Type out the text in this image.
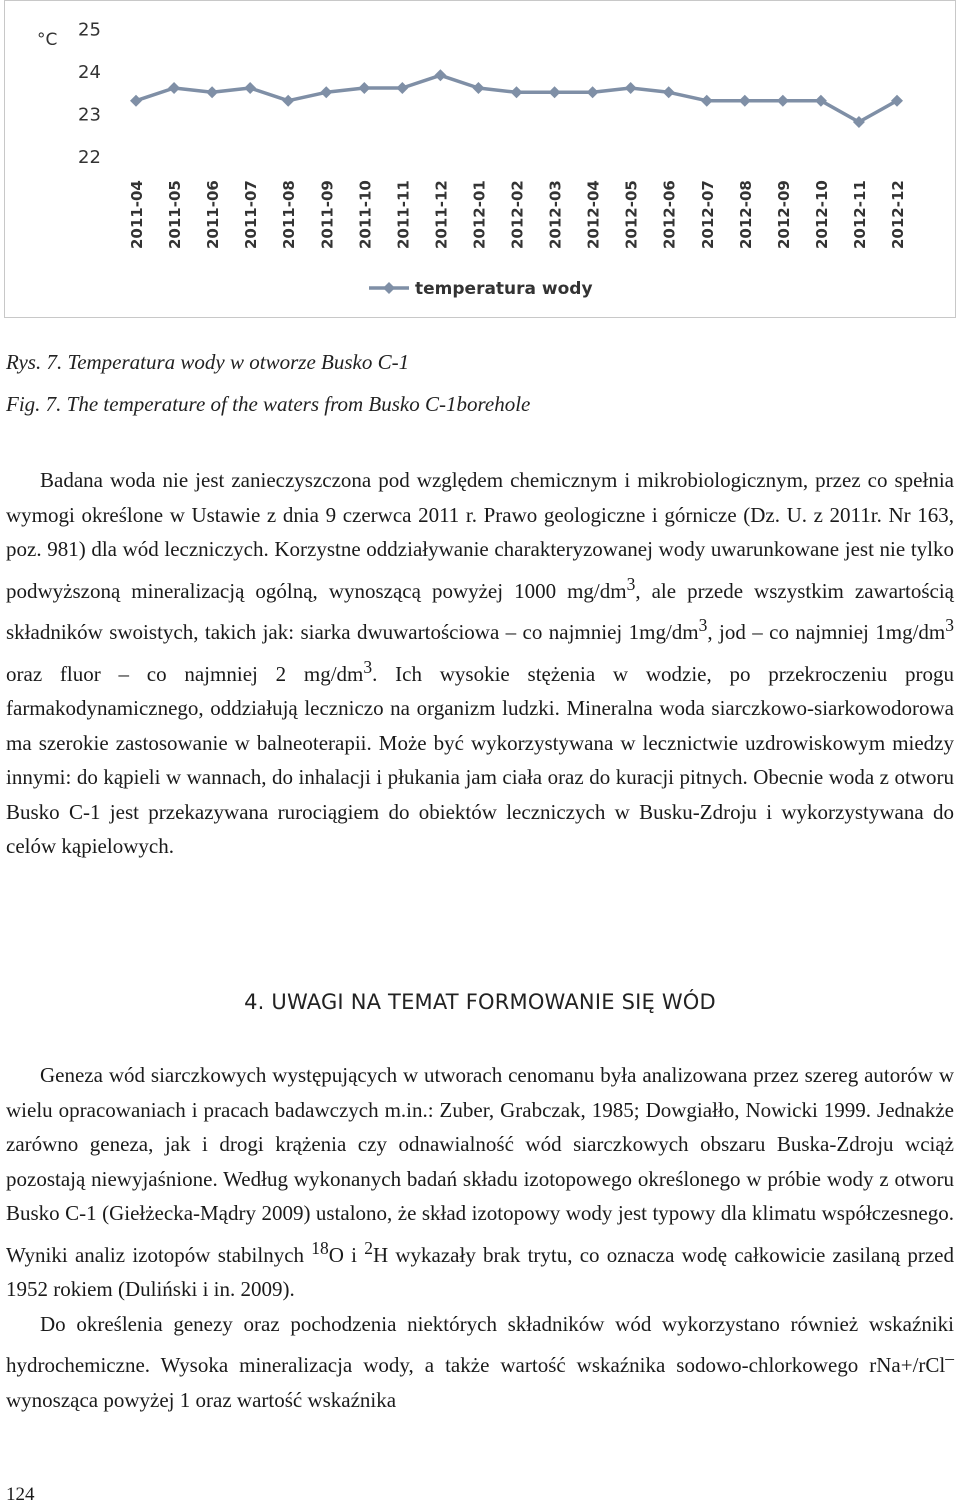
°C 25
24
23
22
2011-04 2011-05 2011-06 2011-07 2011-08 2011-09 2011-10 2011-11 2011-12 2012-01 2012-02 2012-03 2012-04 2012-05 2012-06 2012-07 2012-08 2012-09 2012-10 2012-11 2012-12
temperatura wody
Rys. 7. Temperatura wody w otworze Busko C-1
Fig. 7. The temperature of the waters from Busko C-1borehole

Badana woda nie jest zanieczyszczona pod względem chemicznym i mikrobiologicznym, przez co spełnia wymogi określone w Ustawie z dnia 9 czerwca 2011 r. Prawo geologiczne i górnicze (Dz. U. z 2011r. Nr 163, poz. 981) dla wód leczniczych. Korzystne oddziaływanie charakteryzowanej wody uwarunkowane jest nie tylko podwyższoną mineralizacją ogólną, wynoszącą powyżej 1000 $mg/dm^3$, ale przede wszystkim zawartością składników swoistych, takich jak: siarka dwuwartościowa – co najmniej $1mg/dm^3$, jod – co najmniej $1mg/dm^3$ oraz fluor – co najmniej 2 $mg/dm^3$. Ich wysokie stężenia w wodzie, po przekroczeniu progu farmakodynamicznego, oddziałują leczniczo na organizm ludzki. Mineralna woda siarczkowo-siarkowodorowa ma szerokie zastosowanie w balneoterapii. Może być wykorzystywana w lecznictwie uzdrowiskowym miedzy innymi: do kąpieli w wannach, do inhalacji i płukania jam ciała oraz do kuracji pitnych. Obecnie woda z otworu Busko C-1 jest przekazywana rurociągiem do obiektów leczniczych w Busku-Zdroju i wykorzystywana do celów kąpielowych.

4. UWAGI NA TEMAT FORMOWANIE SIĘ WÓD

Geneza wód siarczkowych występujących w utworach cenomanu była analizowana przez szereg autorów w wielu opracowaniach i pracach badawczych m.in.: Zuber, Grabczak, 1985; Dowgiałło, Nowicki 1999. Jednakże zarówno geneza, jak i drogi krążenia czy odnawialność wód siarczkowych obszaru Buska-Zdroju wciąż pozostają niewyjaśnione. Według wykonanych badań składu izotopowego określonego w próbie wody z otworu Busko C-1 (Giełżecka-Mądry 2009) ustalono, że skład izotopowy wody jest typowy dla klimatu współczesnego. Wyniki analiz izotopów stabilnych $^{18}$O i $^2$H wykazały brak trytu, co oznacza wodę całkowicie zasilaną przed 1952 rokiem (Duliński i in. 2009).

Do określenia genezy oraz pochodzenia niektórych składników wód wykorzystano również wskaźniki hydrochemiczne. Wysoka mineralizacja wody, a także wartość wskaźnika sodowo-chlorkowego rNa+/rCl– wynosząca powyżej 1 oraz wartość wskaźnika

124
